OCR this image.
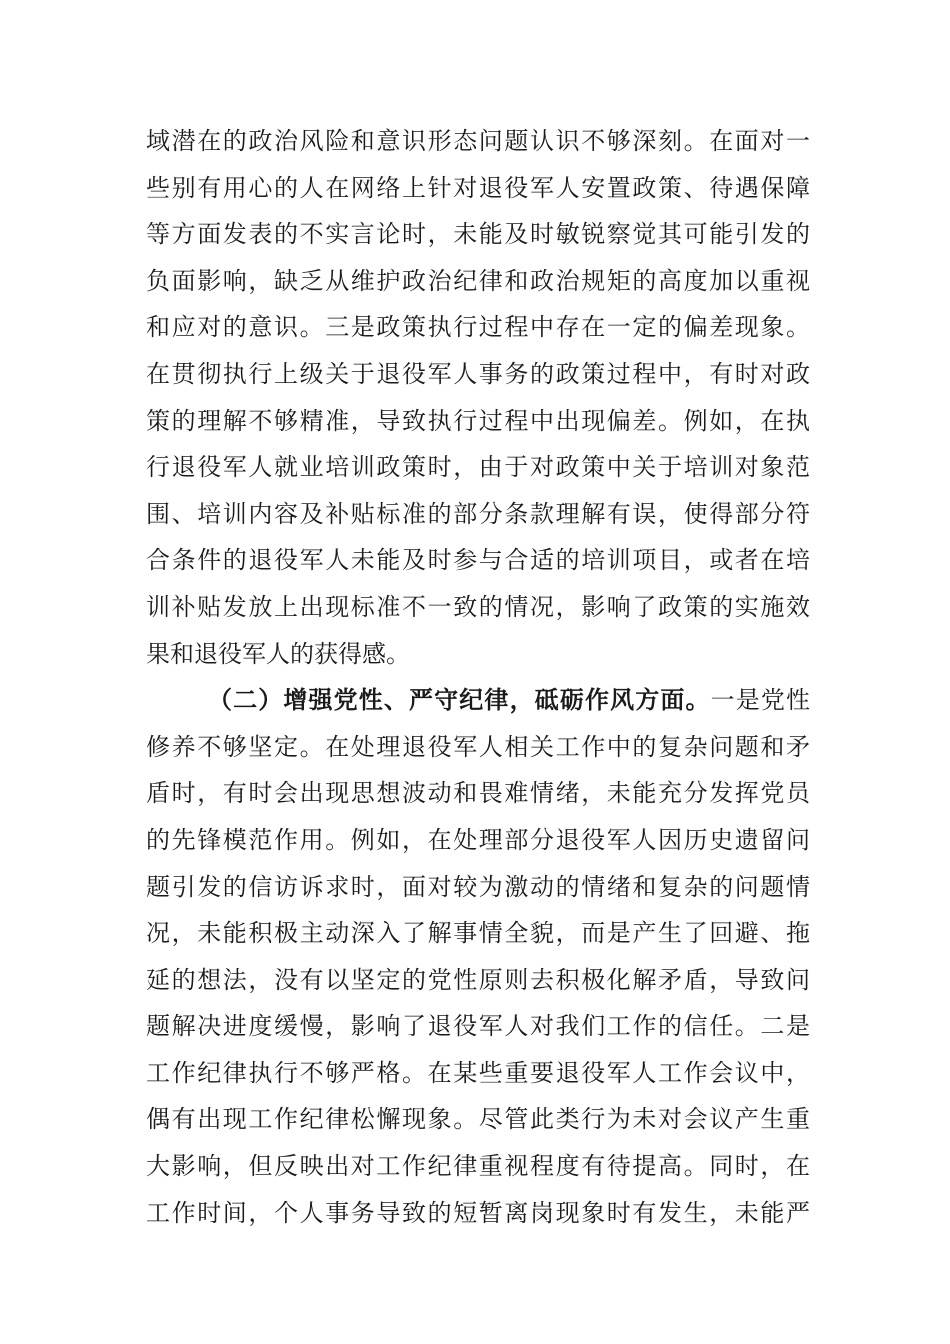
域潜在的政治风险和意识形态问题认识不够深刻。在面对一
些别有用心的人在网络上针对退役军人安置政策、待遇保障
等方面发表的不实言论时，未能及时敏锐察觉其可能引发的
负面影响，缺乏从维护政治纪律和政治规矩的高度加以重视
和应对的意识。三是政策执行过程中存在一定的偏差现象。
在贯彻执行上级关于退役军人事务的政策过程中，有时对政
策的理解不够精准，导致执行过程中出现偏差。例如，在执
行退役军人就业培训政策时，由于对政策中关于培训对象范
围、培训内容及补贴标准的部分条款理解有误，使得部分符
合条件的退役军人未能及时参与合适的培训项目，或者在培
训补贴发放上出现标准不一致的情况，影响了政策的实施效
果和退役军人的获得感。
（二）增强党性、严守纪律，砥砺作风方面。一是党性
修养不够坚定。在处理退役军人相关工作中的复杂问题和矛
盾时，有时会出现思想波动和畏难情绪，未能充分发挥党员
的先锋模范作用。例如，在处理部分退役军人因历史遗留问
题引发的信访诉求时，面对较为激动的情绪和复杂的问题情
况，未能积极主动深入了解事情全貌，而是产生了回避、拖
延的想法，没有以坚定的党性原则去积极化解矛盾，导致问
题解决进度缓慢，影响了退役军人对我们工作的信任。二是
工作纪律执行不够严格。在某些重要退役军人工作会议中，
偶有出现工作纪律松懈现象。尽管此类行为未对会议产生重
大影响，但反映出对工作纪律重视程度有待提高。同时，在
工作时间，个人事务导致的短暂离岗现象时有发生，未能严
